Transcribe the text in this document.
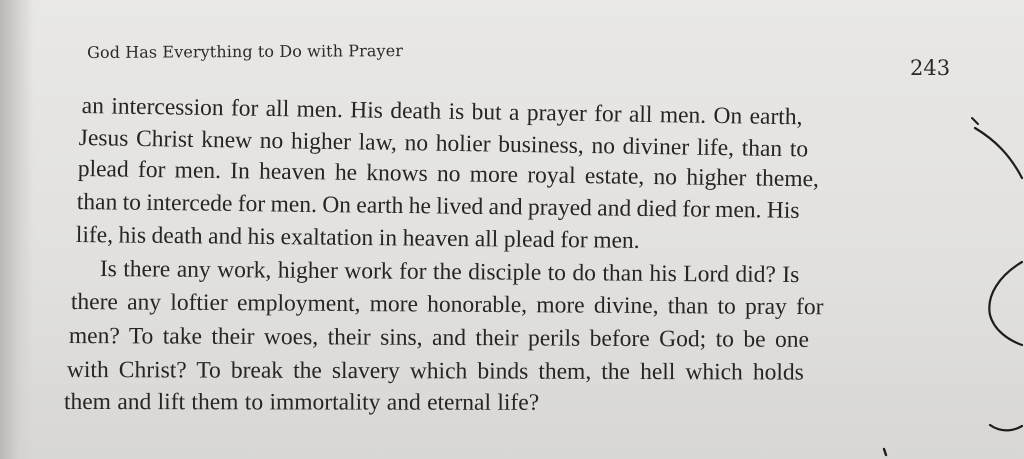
God Has Everything to Do with Prayer
243
an intercession for all men. His death is but a prayer for all men. On earth,
Jesus Christ knew no higher law, no holier business, no diviner life, than to
plead for men. In heaven he knows no more royal estate, no higher theme,
than to intercede for men. On earth he lived and prayed and died for men. His
life, his death and his exaltation in heaven all plead for men.
Is there any work, higher work for the disciple to do than his Lord did? Is
there any loftier employment, more honorable, more divine, than to pray for
men? To take their woes, their sins, and their perils before God; to be one
with Christ? To break the slavery which binds them, the hell which holds
them and lift them to immortality and eternal life?
